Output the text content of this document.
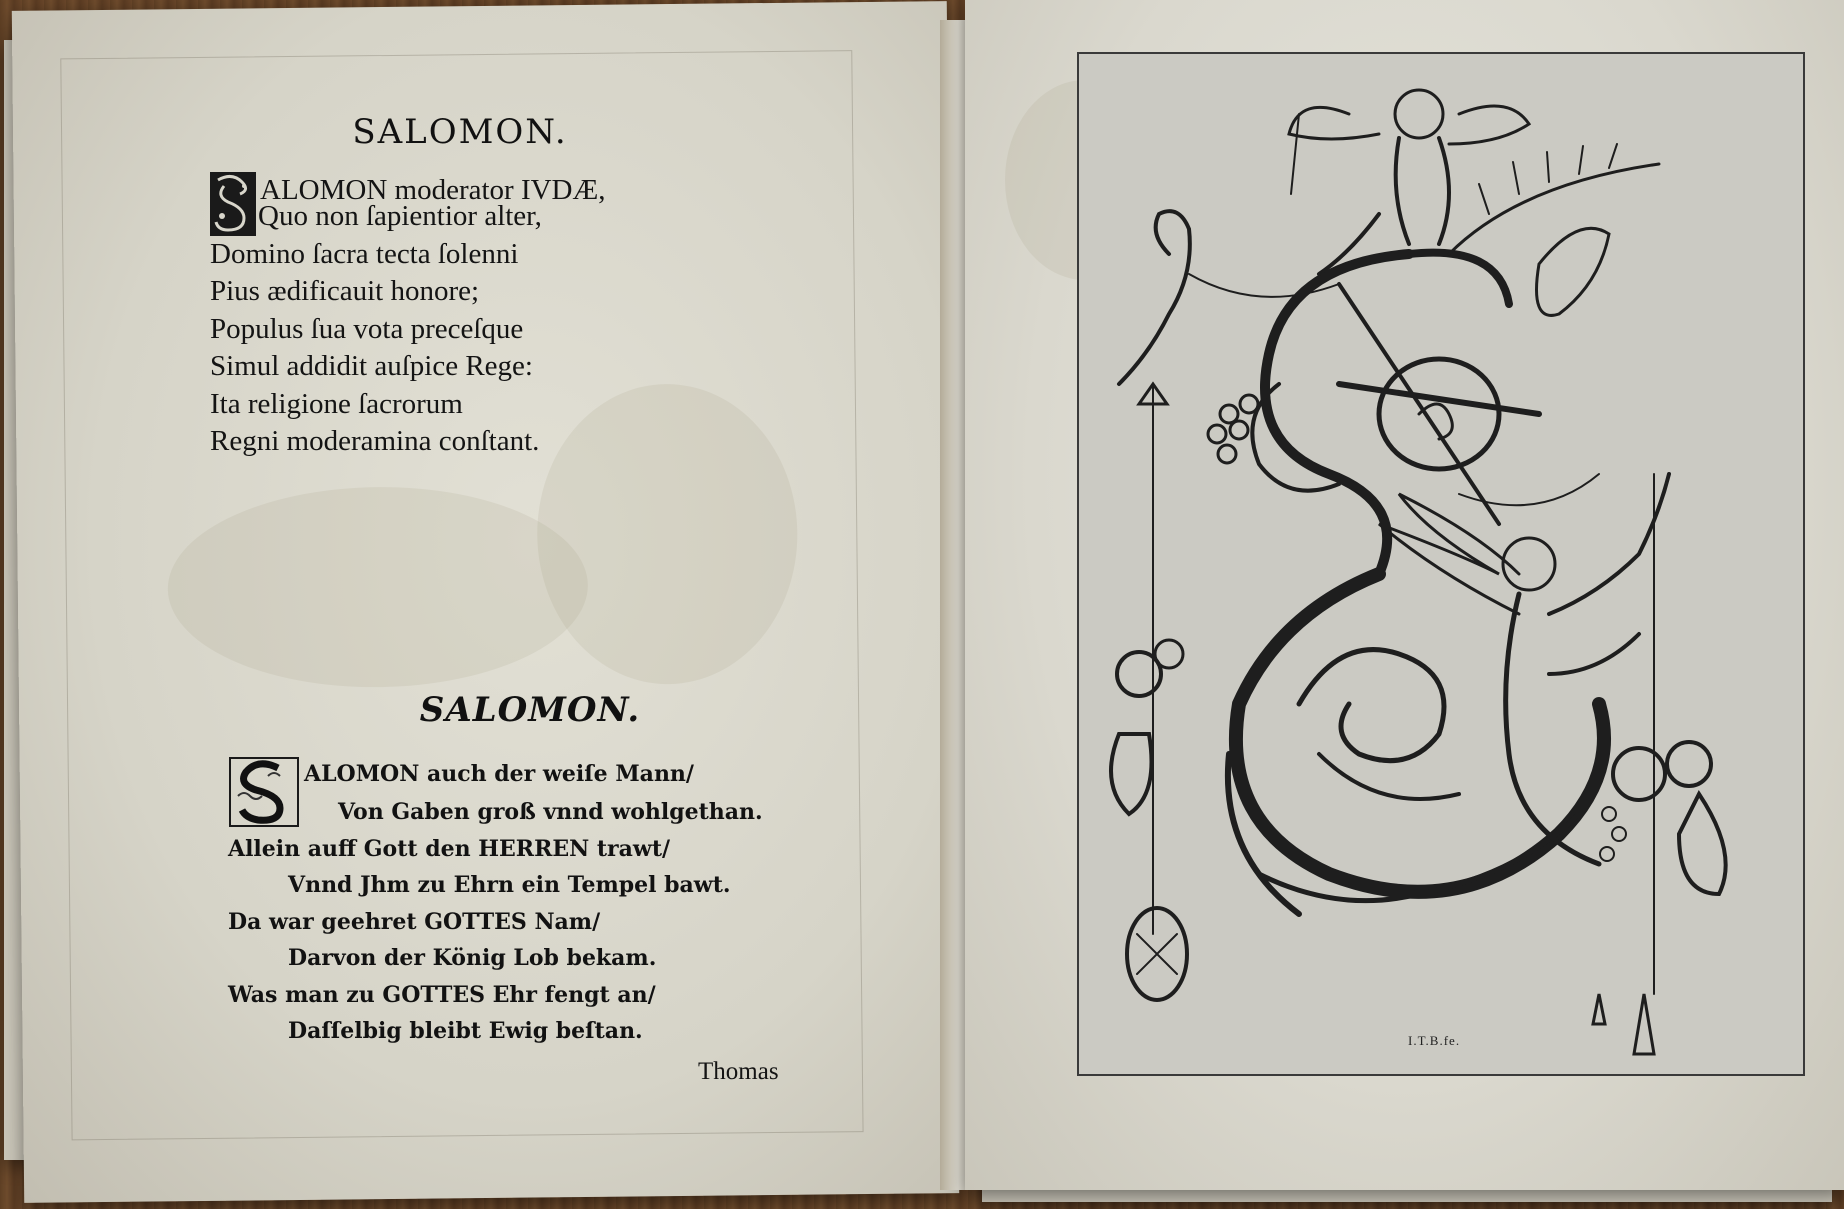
SALOMON.
ALOMON moderator IVDÆ,
Quo non ſapientior alter,
Domino ſacra tecta ſolenni
Pius ædificauit honore;
Populus ſua vota preceſque
Simul addidit auſpice Rege:
Ita religione ſacrorum
Regni moderamina conſtant.
SALOMON.
ALOMON auch der weiſe Mann/
Von Gaben groß vnnd wohlgethan.
Allein auff Gott den HERREN trawt/
Vnnd Jhm zu Ehrn ein Tempel bawt.
Da war geehret GOTTES Nam/
Darvon der König Lob bekam.
Was man zu GOTTES Ehr fengt an/
Daſſelbig bleibt Ewig beſtan.
Thomas
I.T.B.fe.
